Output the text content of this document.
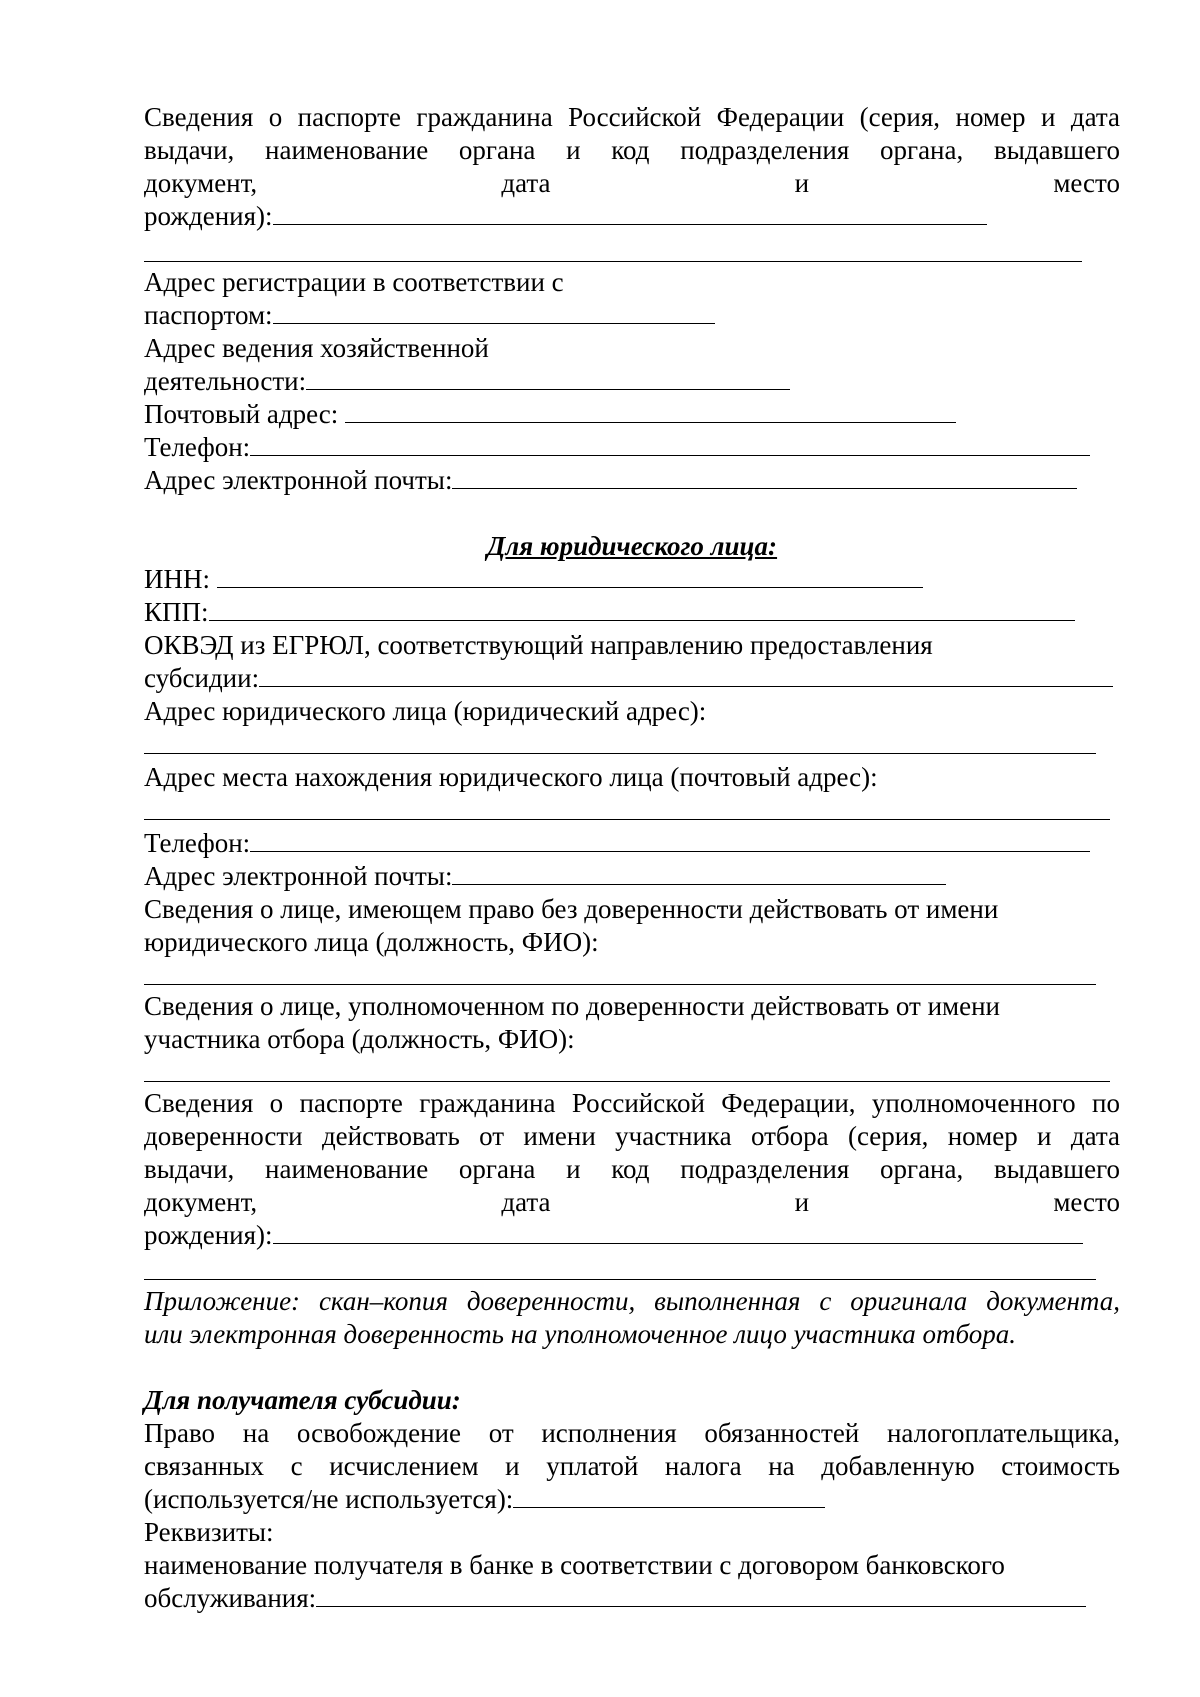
Сведения о паспорте гражданина Российской Федерации (серия, номер и дата
выдачи, наименование органа и код подразделения органа, выдавшего
документ, дата и место
рождения):
Адрес регистрации в соответствии с
паспортом:
Адрес ведения хозяйственной
деятельности:
Почтовый адрес:
Телефон:
Адрес электронной почты:
Для юридического лица:
ИНН:
КПП:
ОКВЭД из ЕГРЮЛ, соответствующий направлению предоставления
субсидии:
Адрес юридического лица (юридический адрес):
Адрес места нахождения юридического лица (почтовый адрес):
Телефон:
Адрес электронной почты:
Сведения о лице, имеющем право без доверенности действовать от имени
юридического лица (должность, ФИО):
Сведения о лице, уполномоченном по доверенности действовать от имени
участника отбора (должность, ФИО):
Сведения о паспорте гражданина Российской Федерации, уполномоченного по
доверенности действовать от имени участника отбора (серия, номер и дата
выдачи, наименование органа и код подразделения органа, выдавшего
документ, дата и место
рождения):
Приложение: скан–копия доверенности, выполненная с оригинала документа,
или электронная доверенность на уполномоченное лицо участника отбора.
Для получателя субсидии:
Право на освобождение от исполнения обязанностей налогоплательщика,
связанных с исчислением и уплатой налога на добавленную стоимость
(используется/не используется):
Реквизиты:
наименование получателя в банке в соответствии с договором банковского
обслуживания:
